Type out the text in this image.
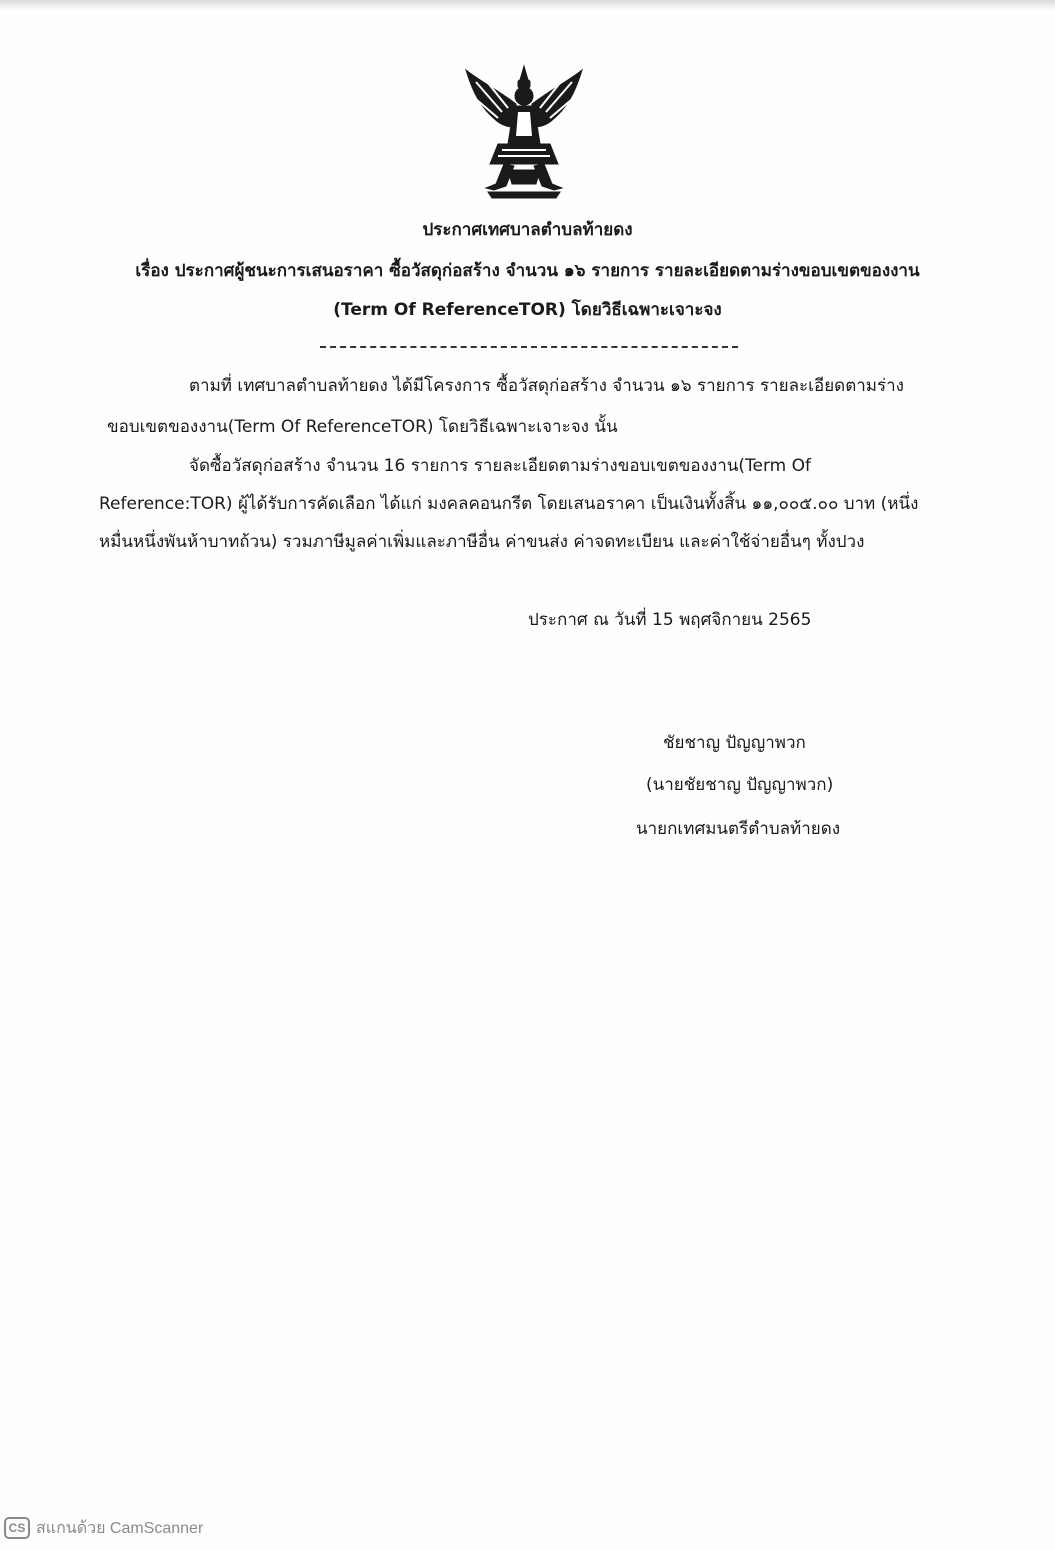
ประกาศเทศบาลตำบลท้ายดง
เรื่อง ประกาศผู้ชนะการเสนอราคา ซื้อวัสดุก่อสร้าง จำนวน ๑๖ รายการ รายละเอียดตามร่างขอบเขตของงาน
(Term Of ReferenceTOR) โดยวิธีเฉพาะเจาะจง
ตามที่ เทศบาลตำบลท้ายดง ได้มีโครงการ ซื้อวัสดุก่อสร้าง จำนวน ๑๖ รายการ รายละเอียดตามร่าง
ขอบเขตของงาน(Term Of ReferenceTOR) โดยวิธีเฉพาะเจาะจง นั้น
จัดซื้อวัสดุก่อสร้าง จำนวน 16 รายการ รายละเอียดตามร่างขอบเขตของงาน(Term Of
Reference:TOR) ผู้ได้รับการคัดเลือก ได้แก่ มงคลคอนกรีต โดยเสนอราคา เป็นเงินทั้งสิ้น ๑๑,๐๐๕.๐๐ บาท (หนึ่ง
หมื่นหนึ่งพันห้าบาทถ้วน) รวมภาษีมูลค่าเพิ่มและภาษีอื่น ค่าขนส่ง ค่าจดทะเบียน และค่าใช้จ่ายอื่นๆ ทั้งปวง
ประกาศ ณ วันที่ 15 พฤศจิกายน 2565
ชัยชาญ ปัญญาพวก
(นายชัยชาญ ปัญญาพวก)
นายกเทศมนตรีตำบลท้ายดง
CS สแกนด้วย CamScanner
